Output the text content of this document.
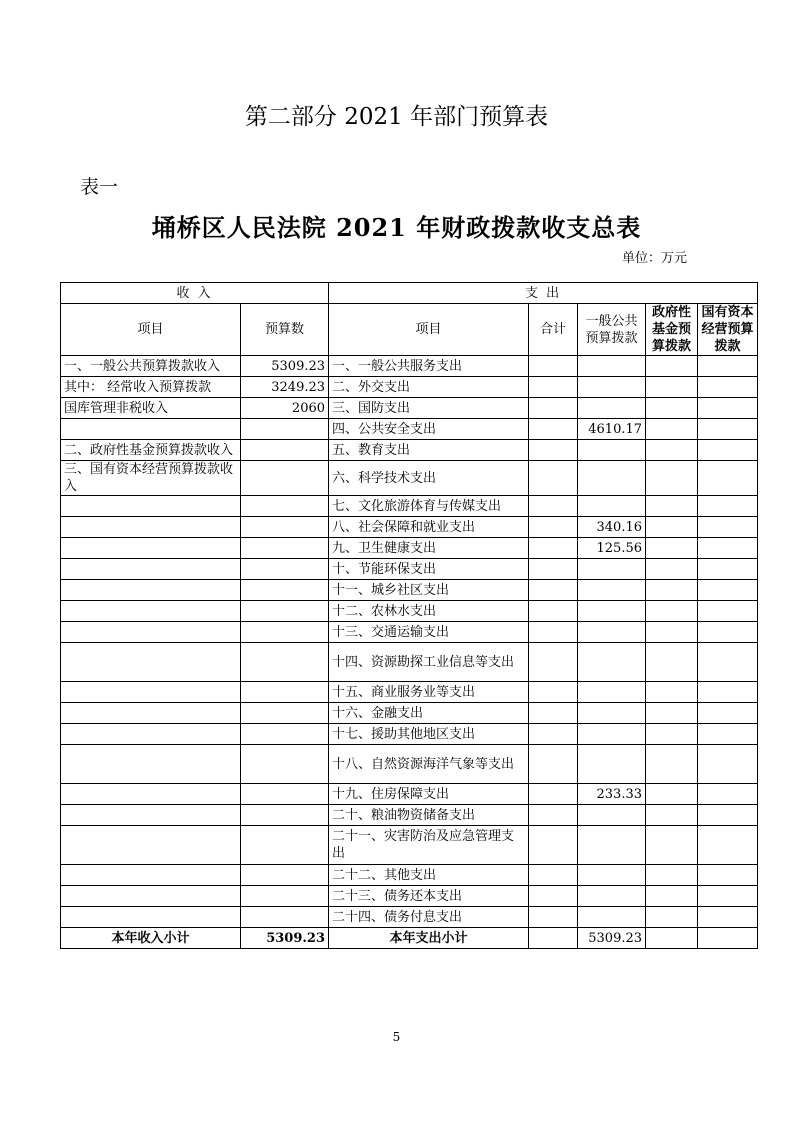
第二部分 2021 年部门预算表
表一
埇桥区人民法院 2021 年财政拨款收支总表
单位：万元
收 入		支 出				
项目	预算数	项目	合计	一般公共预算拨款	政府性基金预算拨款	国有资本经营预算拨款
一、一般公共预算拨款收入	5309.23	一、一般公共服务支出				
其中： 经常收入预算拨款	3249.23	二、外交支出				
国库管理非税收入	2060	三、国防支出				
		四、公共安全支出		4610.17		
二、政府性基金预算拨款收入		五、教育支出				
三、国有资本经营预算拨款收入		六、科学技术支出				
		七、文化旅游体育与传媒支出				
		八、社会保障和就业支出		340.16		
		九、卫生健康支出		125.56		
		十、节能环保支出				
		十一、城乡社区支出				
		十二、农林水支出				
		十三、交通运输支出				
		十四、资源勘探工业信息等支出				
		十五、商业服务业等支出				
		十六、金融支出				
		十七、援助其他地区支出				
		十八、自然资源海洋气象等支出				
		十九、住房保障支出		233.33		
		二十、粮油物资储备支出				
		二十一、灾害防治及应急管理支出				
		二十二、其他支出				
		二十三、债务还本支出				
		二十四、债务付息支出				
本年收入小计	5309.23	本年支出小计		5309.23		
5
